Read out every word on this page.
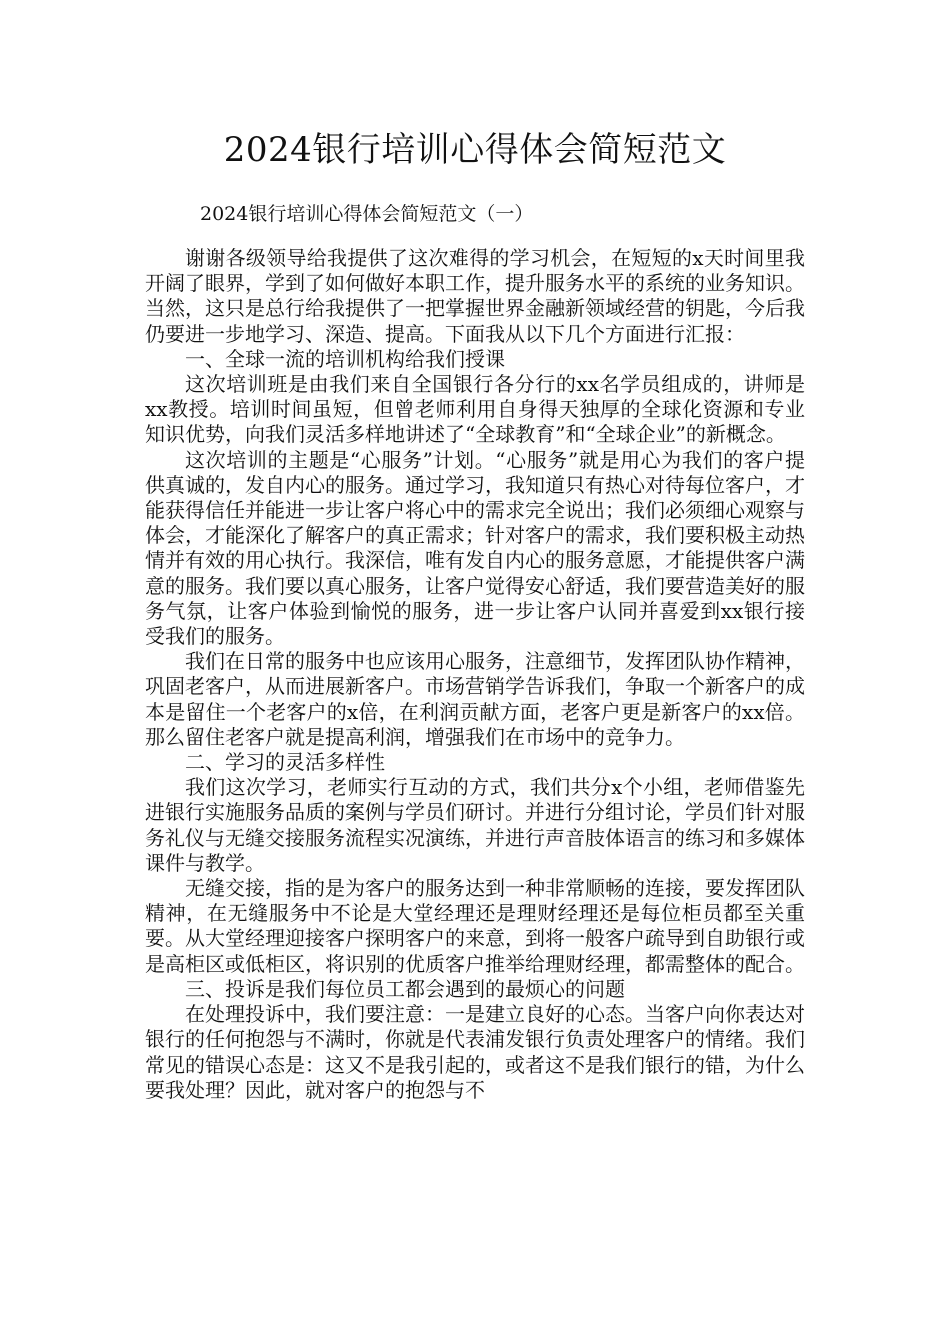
2024银行培训心得体会简短范文
2024银行培训心得体会简短范文（一）

谢谢各级领导给我提供了这次难得的学习机会，在短短的x天时间里我开阔了眼界，学到了如何做好本职工作，提升服务水平的系统的业务知识。当然，这只是总行给我提供了一把掌握世界金融新领域经营的钥匙，今后我仍要进一步地学习、深造、提高。下面我从以下几个方面进行汇报：

一、全球一流的培训机构给我们授课

这次培训班是由我们来自全国银行各分行的xx名学员组成的，讲师是xx教授。培训时间虽短，但曾老师利用自身得天独厚的全球化资源和专业知识优势，向我们灵活多样地讲述了“全球教育”和“全球企业”的新概念。

这次培训的主题是“心服务”计划。“心服务”就是用心为我们的客户提供真诚的，发自内心的服务。通过学习，我知道只有热心对待每位客户，才能获得信任并能进一步让客户将心中的需求完全说出；我们必须细心观察与体会，才能深化了解客户的真正需求；针对客户的需求，我们要积极主动热情并有效的用心执行。我深信，唯有发自内心的服务意愿，才能提供客户满意的服务。我们要以真心服务，让客户觉得安心舒适，我们要营造美好的服务气氛，让客户体验到愉悦的服务，进一步让客户认同并喜爱到xx银行接受我们的服务。

我们在日常的服务中也应该用心服务，注意细节，发挥团队协作精神，巩固老客户，从而进展新客户。市场营销学告诉我们，争取一个新客户的成本是留住一个老客户的x倍，在利润贡献方面，老客户更是新客户的xx倍。那么留住老客户就是提高利润，增强我们在市场中的竞争力。

二、学习的灵活多样性

我们这次学习，老师实行互动的方式，我们共分x个小组，老师借鉴先进银行实施服务品质的案例与学员们研讨。并进行分组讨论，学员们针对服务礼仪与无缝交接服务流程实况演练，并进行声音肢体语言的练习和多媒体课件与教学。

无缝交接，指的是为客户的服务达到一种非常顺畅的连接，要发挥团队精神，在无缝服务中不论是大堂经理还是理财经理还是每位柜员都至关重要。从大堂经理迎接客户探明客户的来意，到将一般客户疏导到自助银行或是高柜区或低柜区，将识别的优质客户推举给理财经理，都需整体的配合。

三、投诉是我们每位员工都会遇到的最烦心的问题

在处理投诉中，我们要注意：一是建立良好的心态。当客户向你表达对银行的任何抱怨与不满时，你就是代表浦发银行负责处理客户的情绪。我们常见的错误心态是：这又不是我引起的，或者这不是我们银行的错，为什么要我处理？因此，就对客户的抱怨与不
